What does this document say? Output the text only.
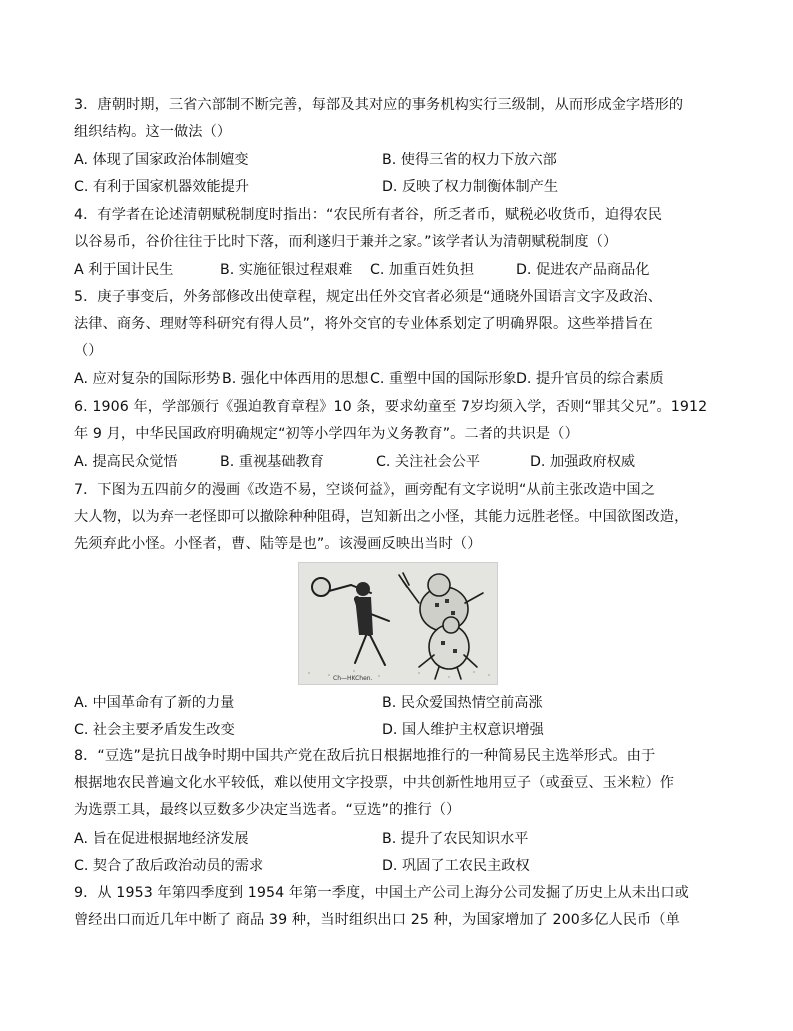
3．唐朝时期，三省六部制不断完善，每部及其对应的事务机构实行三级制，从而形成金字塔形的
组织结构。这一做法（）
A. 体现了国家政治体制嬗变	B. 使得三省的权力下放六部
C. 有利于国家机器效能提升	D. 反映了权力制衡体制产生
4．有学者在论述清朝赋税制度时指出：“农民所有者谷，所乏者币，赋税必收货币，迫得农民
以谷易币，谷价往往于比时下落，而利遂归于兼并之家。”该学者认为清朝赋税制度（）
A 利于国计民生	B. 实施征银过程艰难 C. 加重百姓负担	D. 促进农产品商品化
5．庚子事变后，外务部修改出使章程，规定出任外交官者必须是“通晓外国语言文字及政治、
法律、商务、理财等科研究有得人员”，将外交官的专业体系划定了明确界限。这些举措旨在
（）
A. 应对复杂的国际形势 B. 强化中体西用的思想 C. 重塑中国的国际形象 D. 提升官员的综合素质
6. 1906 年，学部颁行《强迫教育章程》10 条，要求幼童至 7岁均须入学，否则“罪其父兄”。1912
年 9 月，中华民国政府明确规定“初等小学四年为义务教育”。二者的共识是（）
A. 提高民众觉悟	B. 重视基础教育	C. 关注社会公平	D. 加强政府权威
7．下图为五四前夕的漫画《改造不易，空谈何益》，画旁配有文字说明“从前主张改造中国之
大人物，以为弃一老怪即可以撤除种种阻碍，岂知新出之小怪，其能力远胜老怪。中国欲图改造，
先须弃此小怪。小怪者，曹、陆等是也”。该漫画反映出当时（）
Ch—HKChen.
A. 中国革命有了新的力量	B. 民众爱国热情空前高涨
C. 社会主要矛盾发生改变	D. 国人维护主权意识增强
8．“豆选”是抗日战争时期中国共产党在敌后抗日根据地推行的一种简易民主选举形式。由于
根据地农民普遍文化水平较低，难以使用文字投票，中共创新性地用豆子（或蚕豆、玉米粒）作
为选票工具，最终以豆数多少决定当选者。“豆选”的推行（）
A. 旨在促进根据地经济发展	B. 提升了农民知识水平
C. 契合了敌后政治动员的需求	D. 巩固了工农民主政权
9．从 1953 年第四季度到 1954 年第一季度，中国土产公司上海分公司发掘了历史上从未出口或
曾经出口而近几年中断了 商品 39 种，当时组织出口 25 种，为国家增加了 200多亿人民币（单
